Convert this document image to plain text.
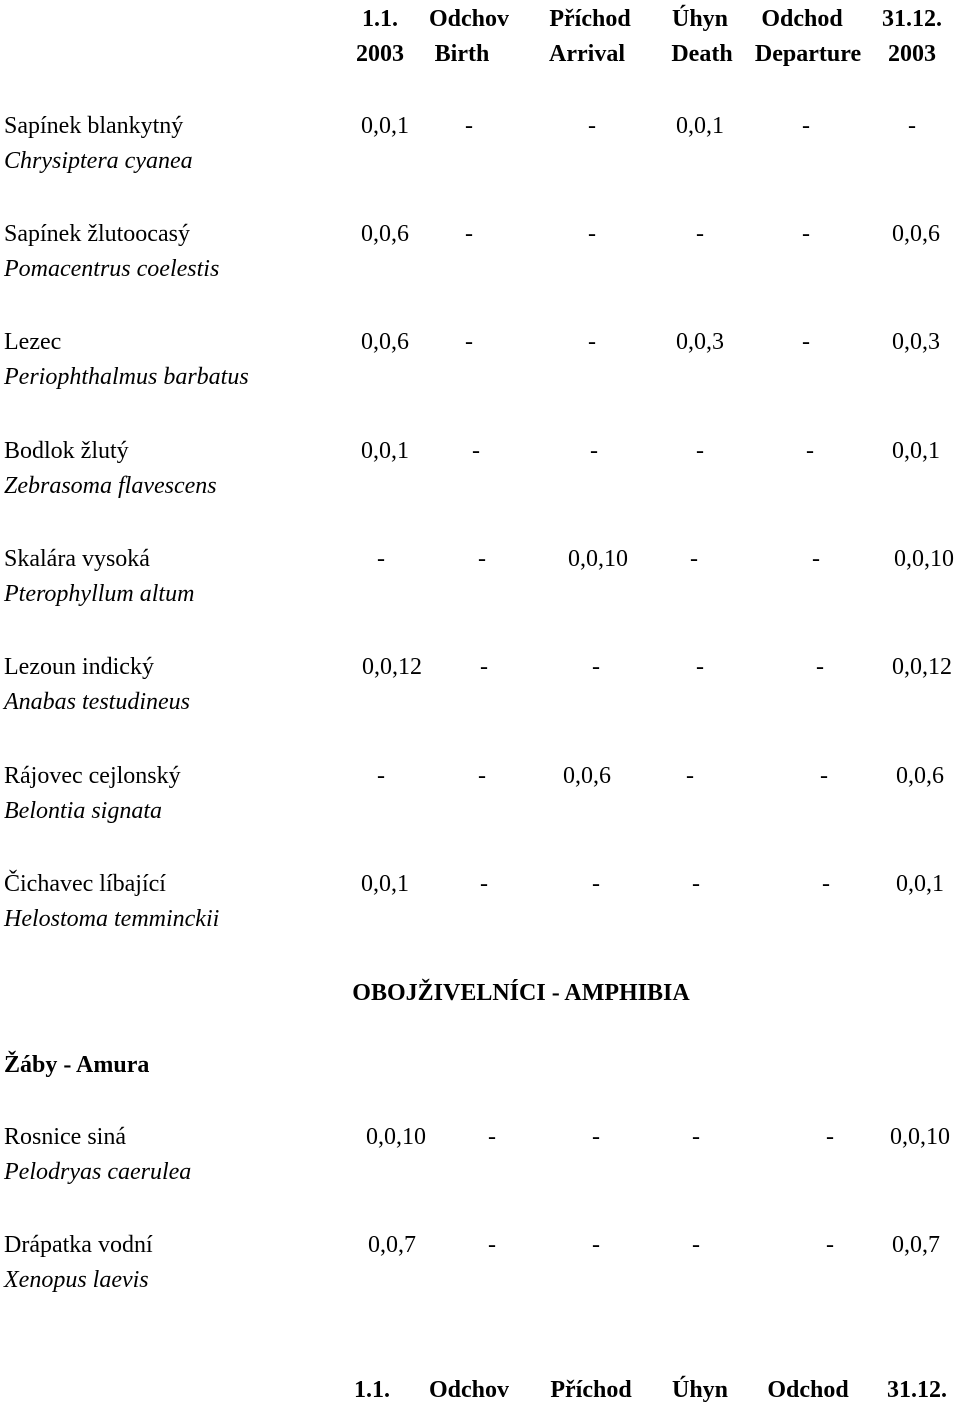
1.1. Odchov Příchod Úhyn Odchod 31.12.
2003 Birth Arrival Death Departure 2003
Sapínek blankytný
Chrysiptera cyanea
0,0,1 -	-	0,0,1	-	-
Sapínek žlutoocasý
Pomacentrus coelestis
0,0,6 -	-	-	-	0,0,6
Lezec
Periophthalmus barbatus
0,0,6 -	-	0,0,3	-	0,0,3
Bodlok žlutý
Zebrasoma flavescens
0,0,1	-	-	-	-	0,0,1
Skalára vysoká
Pterophyllum altum
-	-	0,0,10	-	-	0,0,10
Lezoun indický
Anabas testudineus
0,0,12 -	-	-	-	0,0,12
Rájovec cejlonský
Belontia signata
-	-	0,0,6	-	-	0,0,6
Čichavec líbající
Helostoma temminckii
0,0,1	-	-	-	-	0,0,1
OBOJŽIVELNÍCI - AMPHIBIA
Žáby - Amura
Rosnice siná
Pelodryas caerulea
0,0,10	-	-	-	- 0,0,10
Drápatka vodní
Xenopus laevis
0,0,7	-	-	-	- 0,0,7
1.1. Odchov Příchod Úhyn Odchod 31.12.
